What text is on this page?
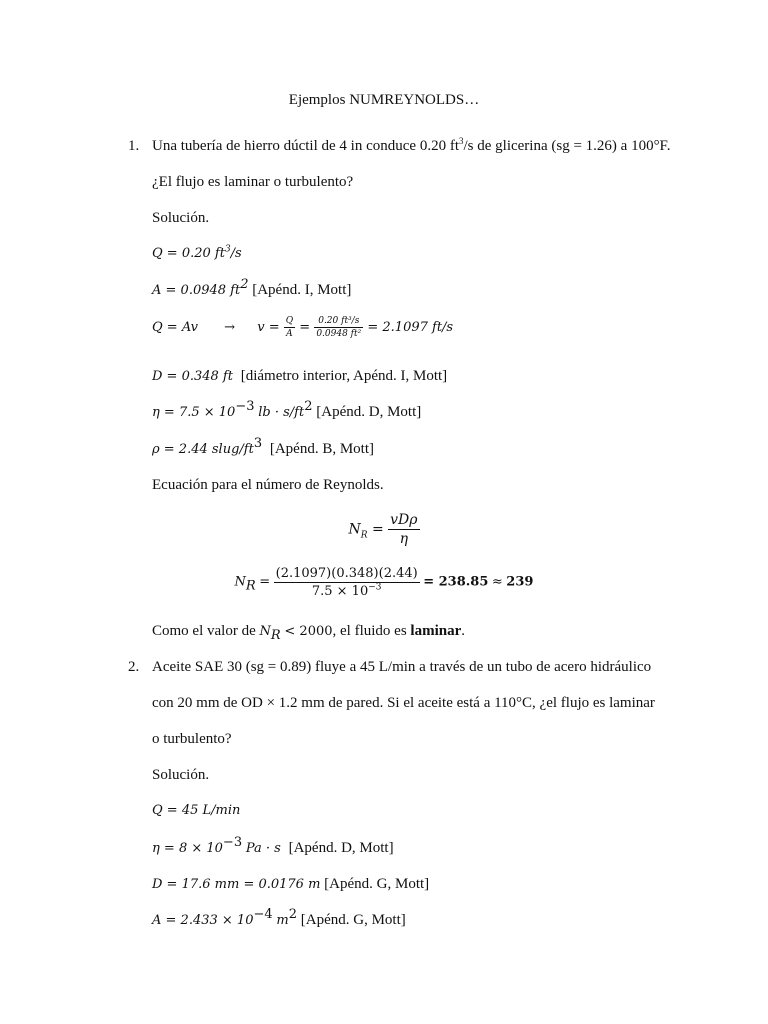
Ejemplos NUMREYNOLDS…
1. Una tubería de hierro dúctil de 4 in conduce 0.20 $ft^3/s$ de glicerina (sg = 1.26) a 100°F.
¿El flujo es laminar o turbulento?
Solución.
Q = 0.20 $ft^3/s$
A = 0.0948 $ft^2$ [Apénd. I, Mott]
$Q = Av \to v = \frac{Q}{A} = \frac{\text{0.20 ft³/s}}{\text{0.0948 ft²}} = 2.1097$ ft/s
D = 0.348 ft [diámetro interior, Apénd. I, Mott]
$\eta = 7.5 \times 10^{-3}$ lb · $s/ft^2$ [Apénd. D, Mott]
ρ = 2.44 slug/$ft^3$ [Apénd. B, Mott]
Ecuación para el número de Reynolds.
$N_R = \frac{\text{vDρ}}{\eta}$
$N_R = \frac{(2.1097)(0.348)(2.44)}{7.5 \times 10^{-3}} = 238.85 \approx 239$
Como el valor de $N_R < 2000$, el fluido es laminar.
2. Aceite SAE 30 (sg = 0.89) fluye a 45 L/min a través de un tubo de acero hidráulico
con 20 mm de OD × 1.2 mm de pared. Si el aceite está a 110°C, ¿el flujo es laminar
o turbulento?
Solución.
Q = 45 L/min
$\eta = 8 \times 10^{-3}$ Pa · s [Apénd. D, Mott]
D = 17.6 mm = 0.0176 m [Apénd. G, Mott]
$A = 2.433 \times 10^{-4}$ $m^2$ [Apénd. G, Mott]
